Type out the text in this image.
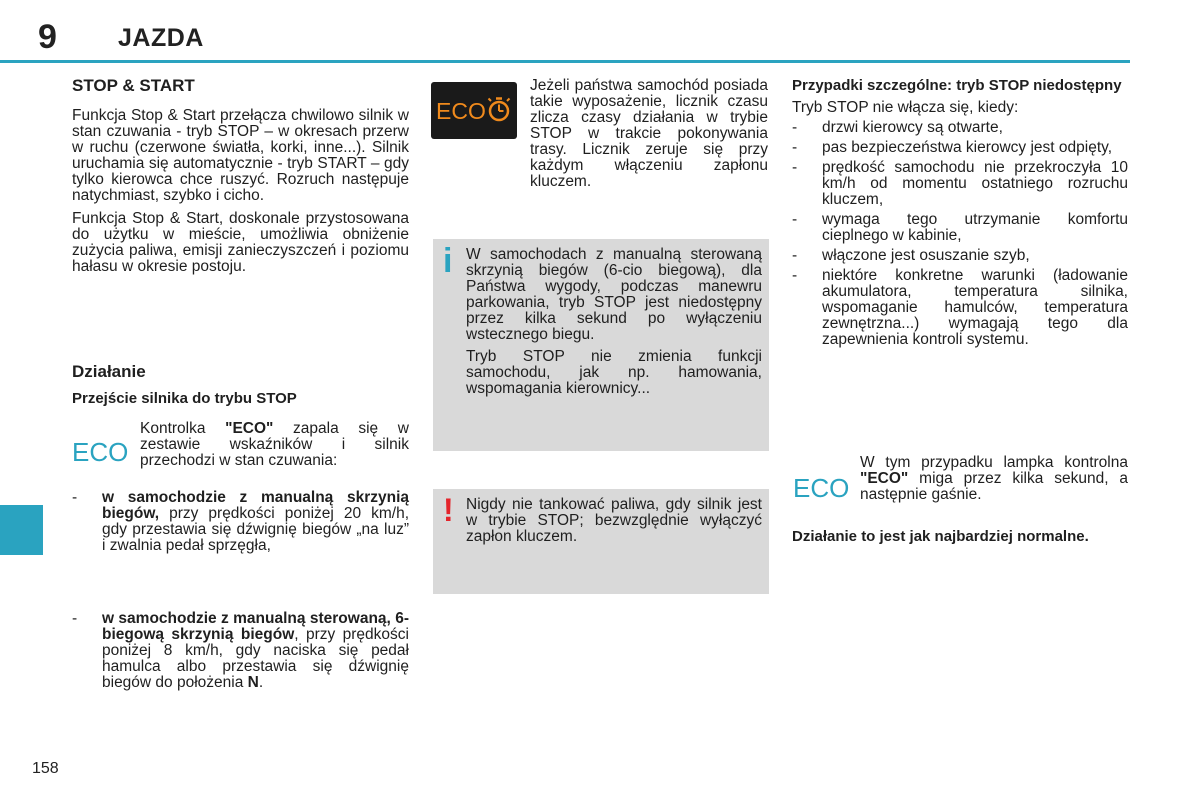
9 JAZDA
158

STOP & START

Funkcja Stop & Start przełącza chwilowo silnik w stan czuwania - tryb STOP – w okresach przerw w ruchu (czerwone światła, korki, inne...). Silnik uruchamia się automatycznie - tryb START – gdy tylko kierowca chce ruszyć. Rozruch następuje natychmiast, szybko i cicho.

Funkcja Stop & Start, doskonale przystosowana do użytku w mieście, umożliwia obniżenie zużycia paliwa, emisji zanieczyszczeń i poziomu hałasu w okresie postoju.

Działanie

Przejście silnika do trybu STOP

ECO

Kontrolka "ECO" zapala się w zestawie wskaźników i silnik przechodzi w stan czuwania:

- w samochodzie z manualną skrzynią biegów, przy prędkości poniżej 20 km/h, gdy przestawia się dźwignię biegów „na luz” i zwalnia pedał sprzęgła,
- w samochodzie z manualną sterowaną, 6-biegową skrzynią biegów, przy prędkości poniżej 8 km/h, gdy naciska się pedał hamulca albo przestawia się dźwignię biegów do położenia N.
ECO

Jeżeli państwa samochód posiada takie wyposażenie, licznik czasu zlicza czasy działania w trybie STOP w trakcie pokonywania trasy. Licznik zeruje się przy każdym włączeniu zapłonu kluczem.

i W samochodach z manualną sterowaną skrzynią biegów (6-cio biegową), dla Państwa wygody, podczas manewru parkowania, tryb STOP jest niedostępny przez kilka sekund po wyłączeniu wstecznego biegu.

Tryb STOP nie zmienia funkcji samochodu, jak np. hamowania, wspomagania kierownicy...

! Nigdy nie tankować paliwa, gdy silnik jest w trybie STOP; bezwzględnie wyłączyć zapłon kluczem.

Przypadki szczególne: tryb STOP niedostępny

Tryb STOP nie włącza się, kiedy:

- drzwi kierowcy są otwarte,
- pas bezpieczeństwa kierowcy jest odpięty,
- prędkość samochodu nie przekroczyła 10 km/h od momentu ostatniego rozruchu kluczem,
- wymaga tego utrzymanie komfortu cieplnego w kabinie,
- włączone jest osuszanie szyb,
- niektóre konkretne warunki (ładowanie akumulatora, temperatura silnika, wspomaganie hamulców, temperatura zewnętrzna...) wymagają tego dla zapewnienia kontroli systemu.
ECO

W tym przypadku lampka kontrolna "ECO" miga przez kilka sekund, a następnie gaśnie.

Działanie to jest jak najbardziej normalne.
